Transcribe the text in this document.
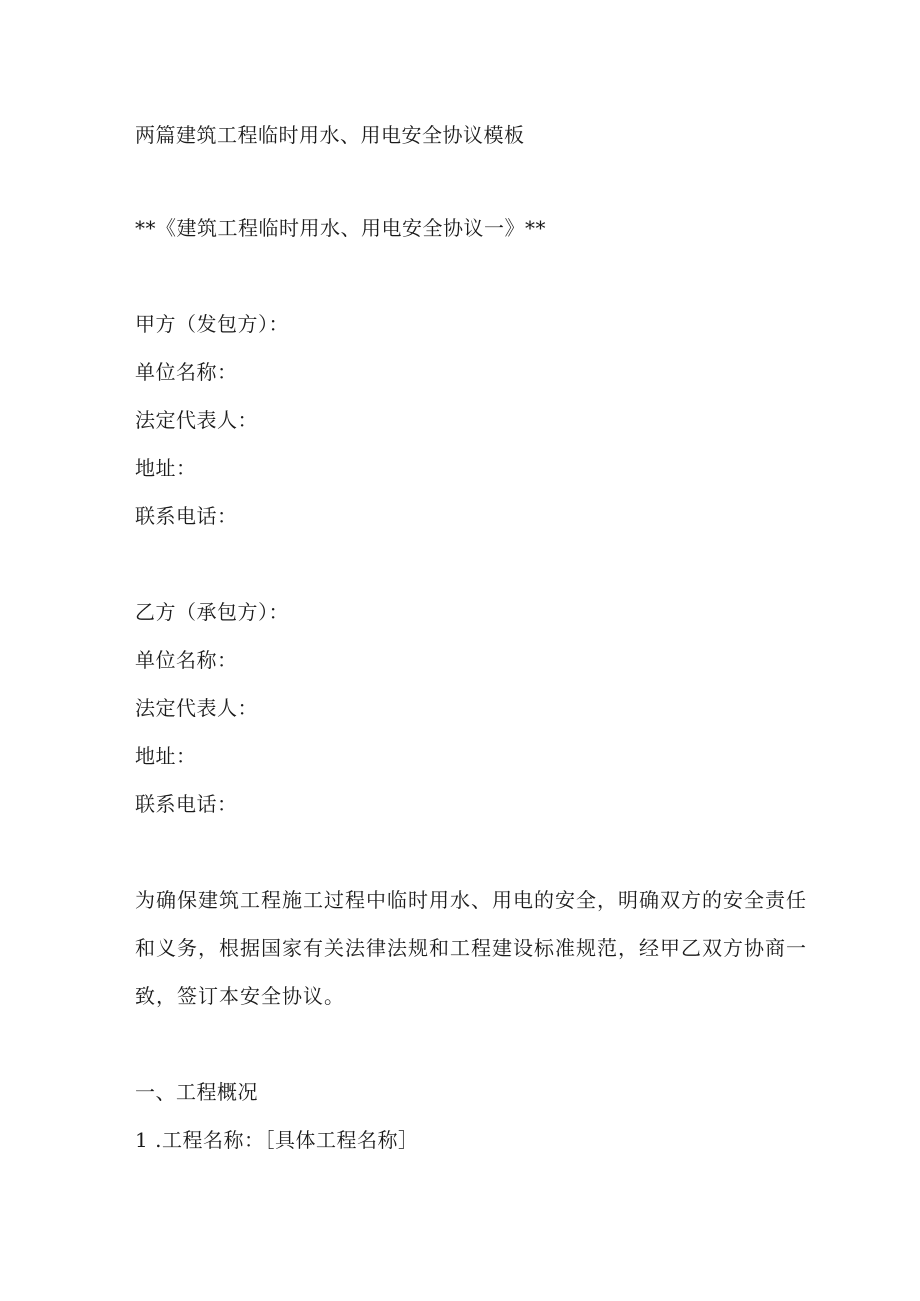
两篇建筑工程临时用水、用电安全协议模板
**《建筑工程临时用水、用电安全协议一》**
甲方（发包方）：
单位名称：
法定代表人：
地址：
联系电话：
乙方（承包方）：
单位名称：
法定代表人：
地址：
联系电话：
为确保建筑工程施工过程中临时用水、用电的安全，明确双方的安全责任
和义务，根据国家有关法律法规和工程建设标准规范，经甲乙双方协商一
致，签订本安全协议。
一、工程概况
1 .工程名称：［具体工程名称］
